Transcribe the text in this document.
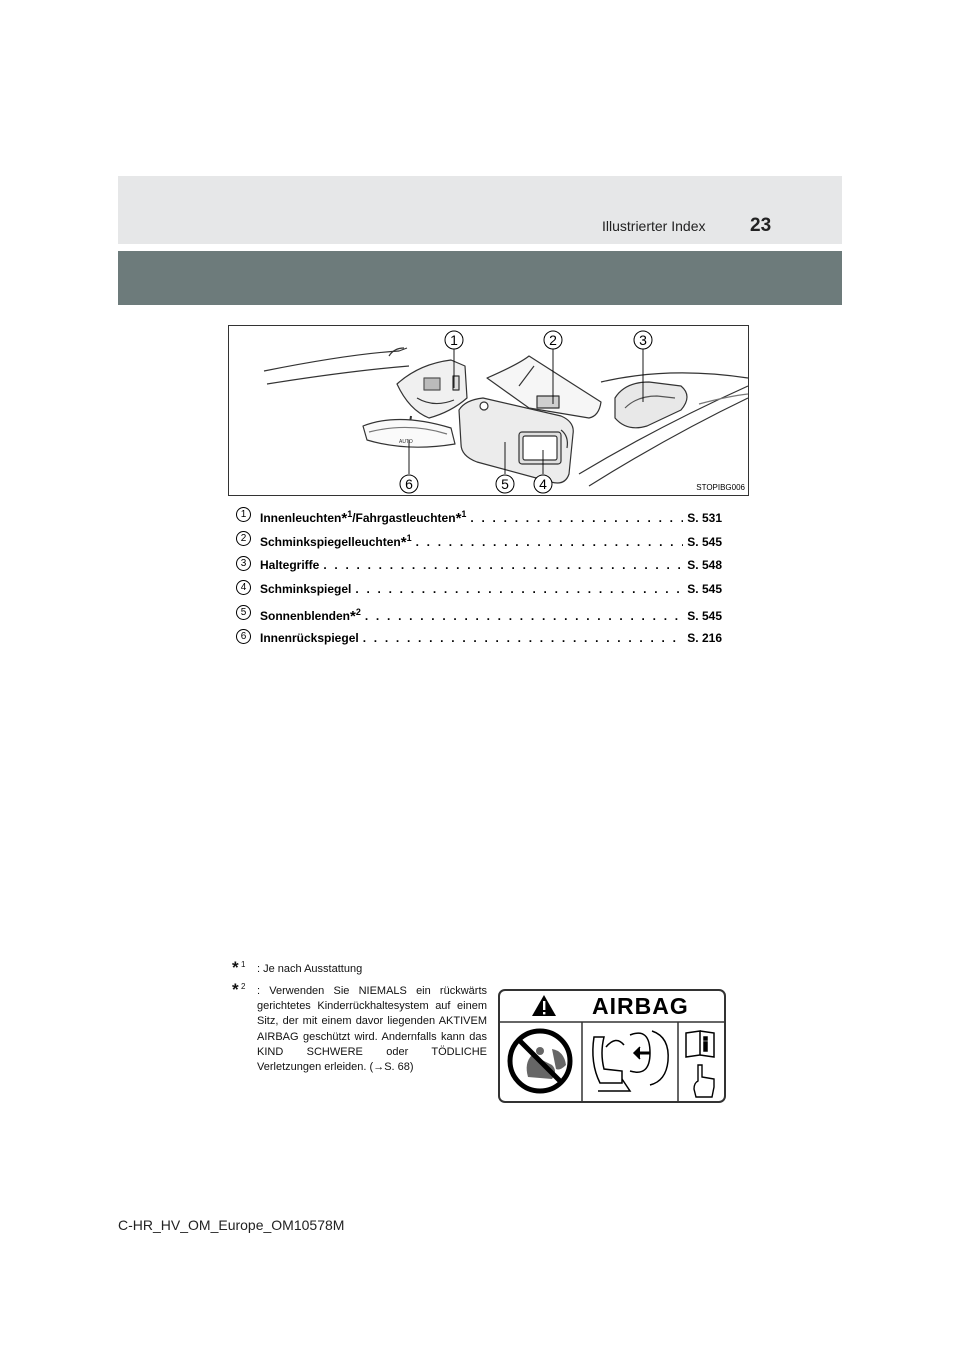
Illustrierter Index 23
AUTO
1	2	3
4
5
6	STOPIBG006
1	Innenleuchten*$^1$/Fahrgastleuchten*$^1$ . . .	S. 531
2	Schminkspiegelleuchten*$^1$ . . .	S. 545
3	Haltegriffe . . .	S. 548
4	Schminkspiegel . . .	S. 545
5	Sonnenblenden*$^2$ . . .	S. 545
6	Innenrückspiegel . . .	S. 216
* 1 : Je nach Ausstattung
* 2 : Verwenden Sie NIEMALS ein rückwärts gerichtetes Kinderrückhaltesystem auf einem Sitz, der mit einem davor liegenden AKTIVEM AIRBAG geschützt wird. Andernfalls kann das KIND SCHWERE oder TÖDLICHE Verletzungen erleiden. (→S. 68)
AIRBAG
C-HR_HV_OM_Europe_OM10578M
